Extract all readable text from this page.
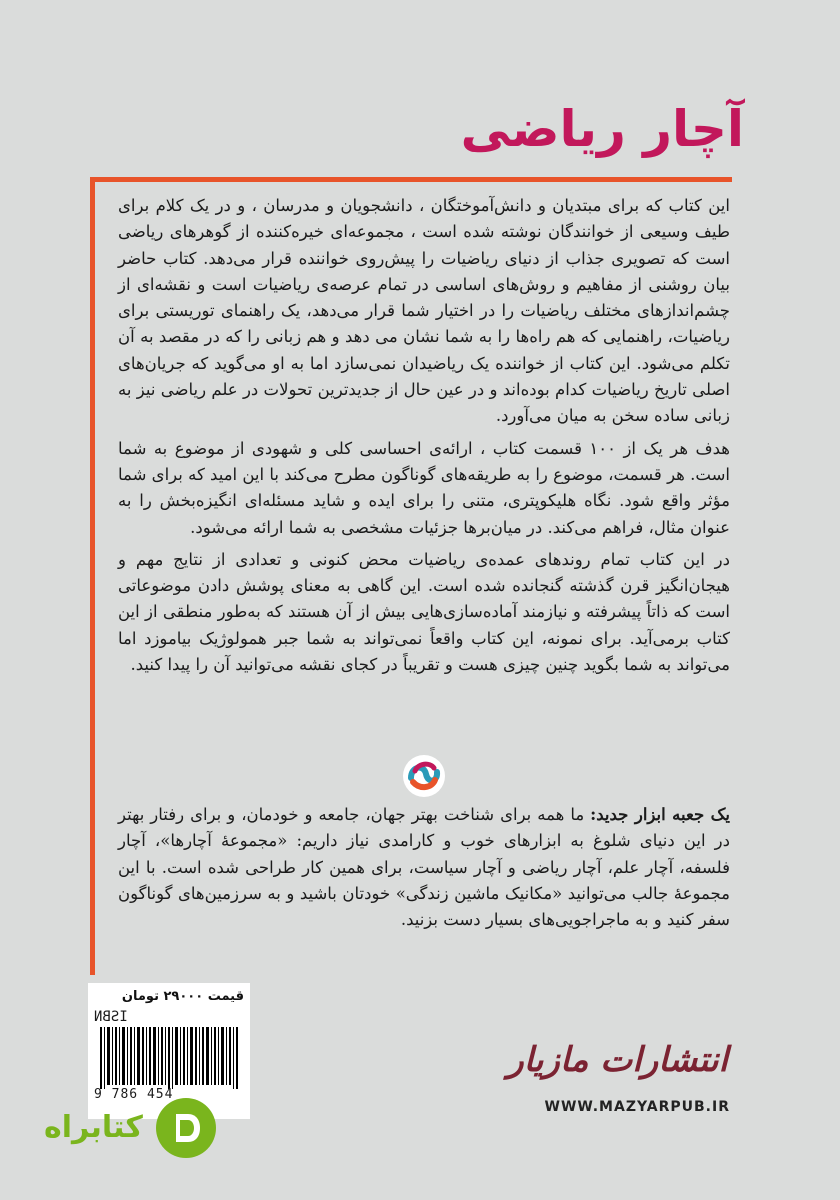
آچار ریاضی

این کتاب که برای مبتدیان و دانش‌آموختگان ، دانشجویان و مدرسان ، و در یک کلام برای طیف وسیعی از خوانندگان نوشته شده است ، مجموعه‌ای خیره‌کننده از گوهرهای ریاضی است که تصویری جذاب از دنیای ریاضیات را پیش‌روی خواننده قرار می‌دهد. کتاب حاضر بیان روشنی از مفاهیم و روش‌های اساسی در تمام عرصه‌ی ریاضیات است و نقشه‌ای از چشم‌اندازهای مختلف ریاضیات را در اختیار شما قرار می‌دهد، یک راهنمای توریستی برای ریاضیات، راهنمایی که هم راه‌ها را به شما نشان می دهد و هم زبانی را که در مقصد به آن تکلم می‌شود. این کتاب از خواننده یک ریاضیدان نمی‌سازد اما به او می‌گوید که جریان‌های اصلی تاریخ ریاضیات کدام بوده‌اند و در عین حال از جدیدترین تحولات در علم ریاضی نیز به زبانی ساده سخن به میان می‌آورد.

هدف هر یک از ۱۰۰ قسمت کتاب ، ارائه‌ی احساسی کلی و شهودی از موضوع به شما است. هر قسمت، موضوع را به طریقه‌های گوناگون مطرح می‌کند با این امید که برای شما مؤثر واقع شود. نگاه هلیکوپتری، متنی را برای ایده و شاید مسئله‌ای انگیزه‌بخش را به عنوان مثال، فراهم می‌کند. در میان‌برها جزئیات مشخصی به شما ارائه می‌شود.

در این کتاب تمام روندهای عمده‌ی ریاضیات محض کنونی و تعدادی از نتایج مهم و هیجان‌انگیز قرن گذشته گنجانده شده است. این گاهی به معنای پوشش دادن موضوعاتی است که ذاتاً پیشرفته و نیازمند آماده‌سازی‌هایی بیش از آن هستند که به‌طور منطقی از این کتاب برمی‌آید. برای نمونه، این کتاب واقعاً نمی‌تواند به شما جبر همولوژیک بیاموزد اما می‌تواند به شما بگوید چنین چیزی هست و تقریباً در کجای نقشه می‌توانید آن را پیدا کنید.

یک جعبه ابزار جدید: ما همه برای شناخت بهتر جهان، جامعه و خودمان، و برای رفتار بهتر در این دنیای شلوغ به ابزارهای خوب و کارامدی نیاز داریم: «مجموعهٔ آچارها»، آچار فلسفه، آچار علم، آچار ریاضی و آچار سیاست، برای همین کار طراحی شده است. با این مجموعهٔ جالب می‌توانید «مکانیک ماشین زندگی» خودتان باشید و به سرزمین‌های گوناگون سفر کنید و به ماجراجویی‌های بسیار دست بزنید.
قیمت ۲۹۰۰۰ تومان
ISBN
9 786 454
انتشارات مازیار
WWW.MAZYARPUB.IR
کتابراه
